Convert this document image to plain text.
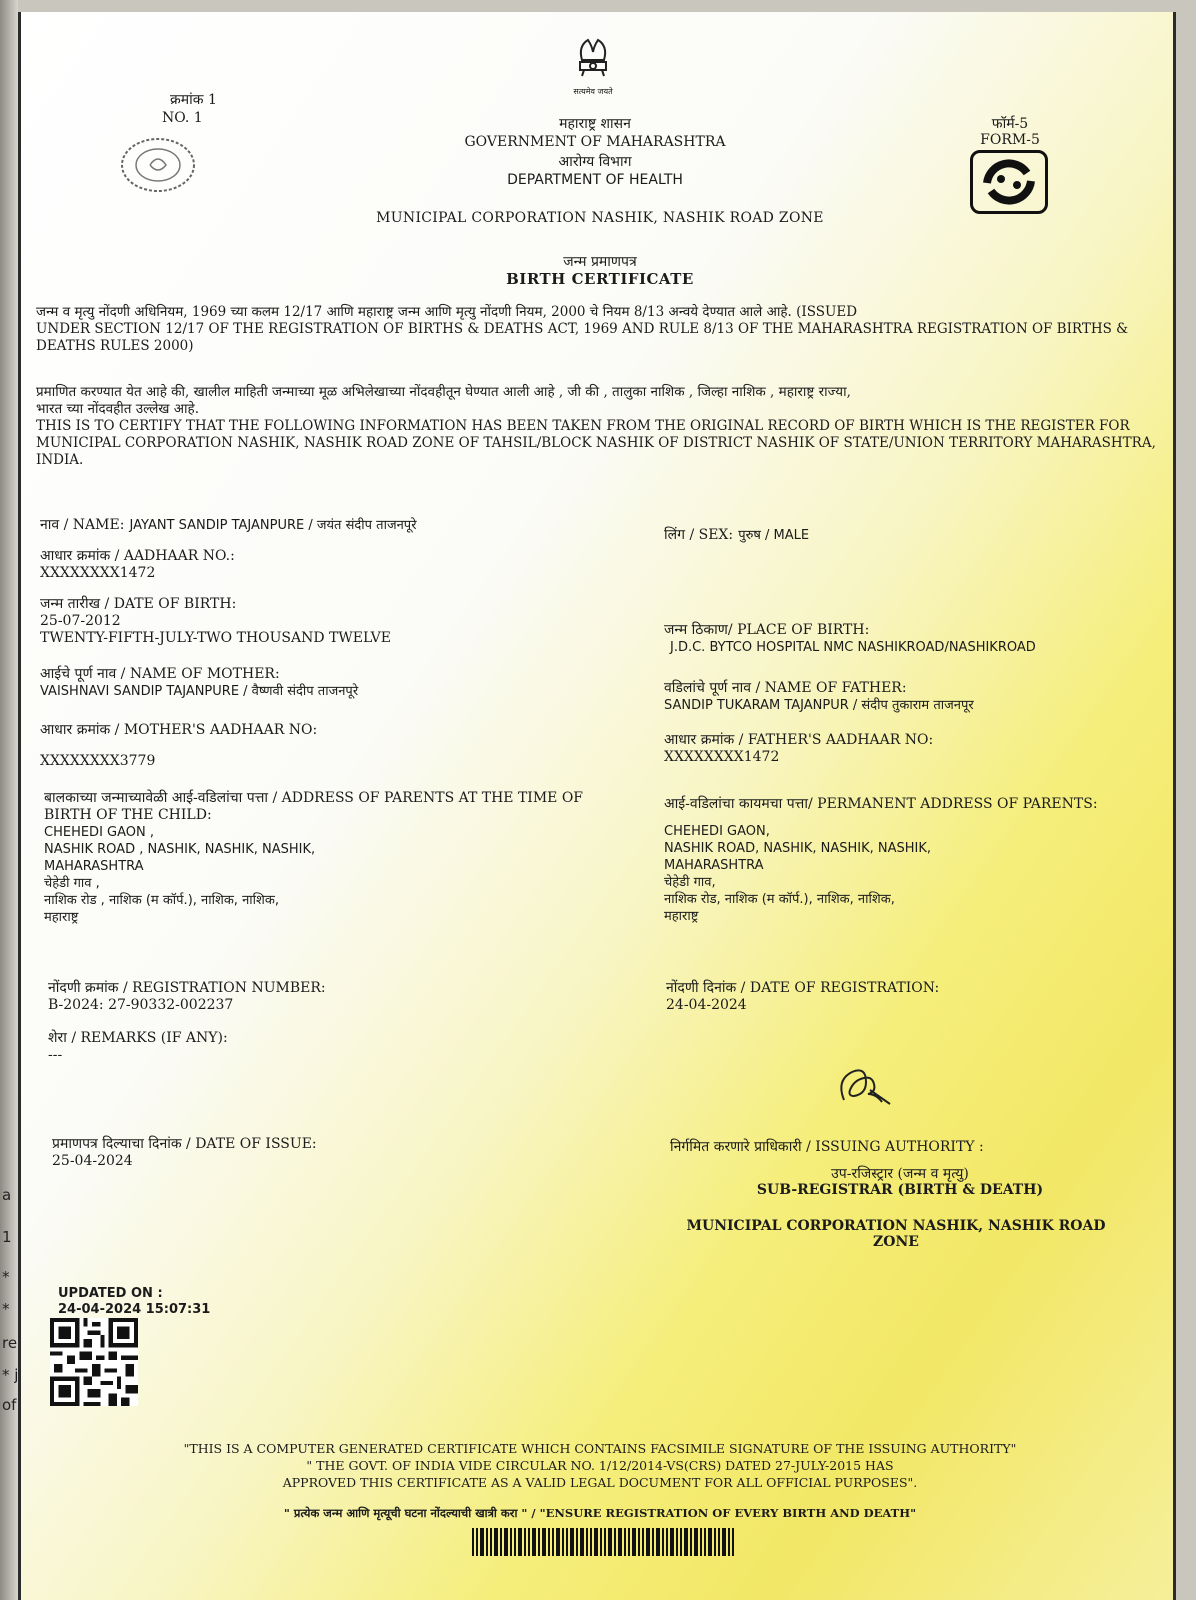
a
1
*
*
re
* j
of
सत्यमेव जयते
क्रमांक 1
NO. 1	महाराष्ट्र शासन
GOVERNMENT OF MAHARASHTRA
आरोग्य विभाग
DEPARTMENT OF HEALTH
फॉर्म-5
FORM-5
MUNICIPAL CORPORATION NASHIK, NASHIK ROAD ZONE
जन्म प्रमाणपत्र
BIRTH CERTIFICATE
जन्म व मृत्यु नोंदणी अधिनियम, 1969 च्या कलम 12/17 आणि महाराष्ट्र जन्म आणि मृत्यु नोंदणी नियम, 2000 चे नियम 8/13 अन्वये देण्यात आले आहे. (ISSUED
UNDER SECTION 12/17 OF THE REGISTRATION OF BIRTHS & DEATHS ACT, 1969 AND RULE 8/13 OF THE MAHARASHTRA REGISTRATION OF BIRTHS &
DEATHS RULES 2000)
प्रमाणित करण्यात येत आहे की, खालील माहिती जन्माच्या मूळ अभिलेखाच्या नोंदवहीतून घेण्यात आली आहे , जी की , तालुका नाशिक , जिल्हा नाशिक , महाराष्ट्र राज्या,
भारत च्या नोंदवहीत उल्लेख आहे.
THIS IS TO CERTIFY THAT THE FOLLOWING INFORMATION HAS BEEN TAKEN FROM THE ORIGINAL RECORD OF BIRTH WHICH IS THE REGISTER FOR
MUNICIPAL CORPORATION NASHIK, NASHIK ROAD ZONE OF TAHSIL/BLOCK NASHIK OF DISTRICT NASHIK OF STATE/UNION TERRITORY MAHARASHTRA,
INDIA.
नाव / NAME: JAYANT SANDIP TAJANPURE / जयंत संदीप ताजनपूरे
आधार क्रमांक / AADHAAR NO.:
XXXXXXXX1472
जन्म तारीख / DATE OF BIRTH:
25-07-2012
TWENTY-FIFTH-JULY-TWO THOUSAND TWELVE
आईचे पूर्ण नाव / NAME OF MOTHER:
VAISHNAVI SANDIP TAJANPURE / वैष्णवी संदीप ताजनपूरे
आधार क्रमांक / MOTHER'S AADHAAR NO:
XXXXXXXX3779
बालकाच्या जन्माच्यावेळी आई-वडिलांचा पत्ता / ADDRESS OF PARENTS AT THE TIME OF
BIRTH OF THE CHILD:
CHEHEDI GAON ,
NASHIK ROAD , NASHIK, NASHIK, NASHIK,
MAHARASHTRA
चेहेडी गाव ,
नाशिक रोड , नाशिक (म कॉर्प.), नाशिक, नाशिक,
महाराष्ट्र
नोंदणी क्रमांक / REGISTRATION NUMBER:
B-2024: 27-90332-002237
शेरा / REMARKS (IF ANY):
---
प्रमाणपत्र दिल्याचा दिनांक / DATE OF ISSUE:
25-04-2024
लिंग / SEX: पुरुष / MALE
जन्म ठिकाण/ PLACE OF BIRTH:
J.D.C. BYTCO HOSPITAL NMC NASHIKROAD/NASHIKROAD
वडिलांचे पूर्ण नाव / NAME OF FATHER:
SANDIP TUKARAM TAJANPUR / संदीप तुकाराम ताजनपूर
आधार क्रमांक / FATHER'S AADHAAR NO:
XXXXXXXX1472
आई-वडिलांचा कायमचा पत्ता/ PERMANENT ADDRESS OF PARENTS:
CHEHEDI GAON,
NASHIK ROAD, NASHIK, NASHIK, NASHIK,
MAHARASHTRA
चेहेडी गाव,
नाशिक रोड, नाशिक (म कॉर्प.), नाशिक, नाशिक,
महाराष्ट्र
नोंदणी दिनांक / DATE OF REGISTRATION:
24-04-2024
निर्गमित करणारे प्राधिकारी / ISSUING AUTHORITY :
उप-रजिस्ट्रार (जन्म व मृत्यु)
SUB-REGISTRAR (BIRTH & DEATH)
MUNICIPAL CORPORATION NASHIK, NASHIK ROAD ZONE
UPDATED ON :
24-04-2024 15:07:31
"THIS IS A COMPUTER GENERATED CERTIFICATE WHICH CONTAINS FACSIMILE SIGNATURE OF THE ISSUING AUTHORITY"
" THE GOVT. OF INDIA VIDE CIRCULAR NO. 1/12/2014-VS(CRS) DATED 27-JULY-2015 HAS
APPROVED THIS CERTIFICATE AS A VALID LEGAL DOCUMENT FOR ALL OFFICIAL PURPOSES".
" प्रत्येक जन्म आणि मृत्यूची घटना नोंदल्याची खात्री करा " / "ENSURE REGISTRATION OF EVERY BIRTH AND DEATH"
